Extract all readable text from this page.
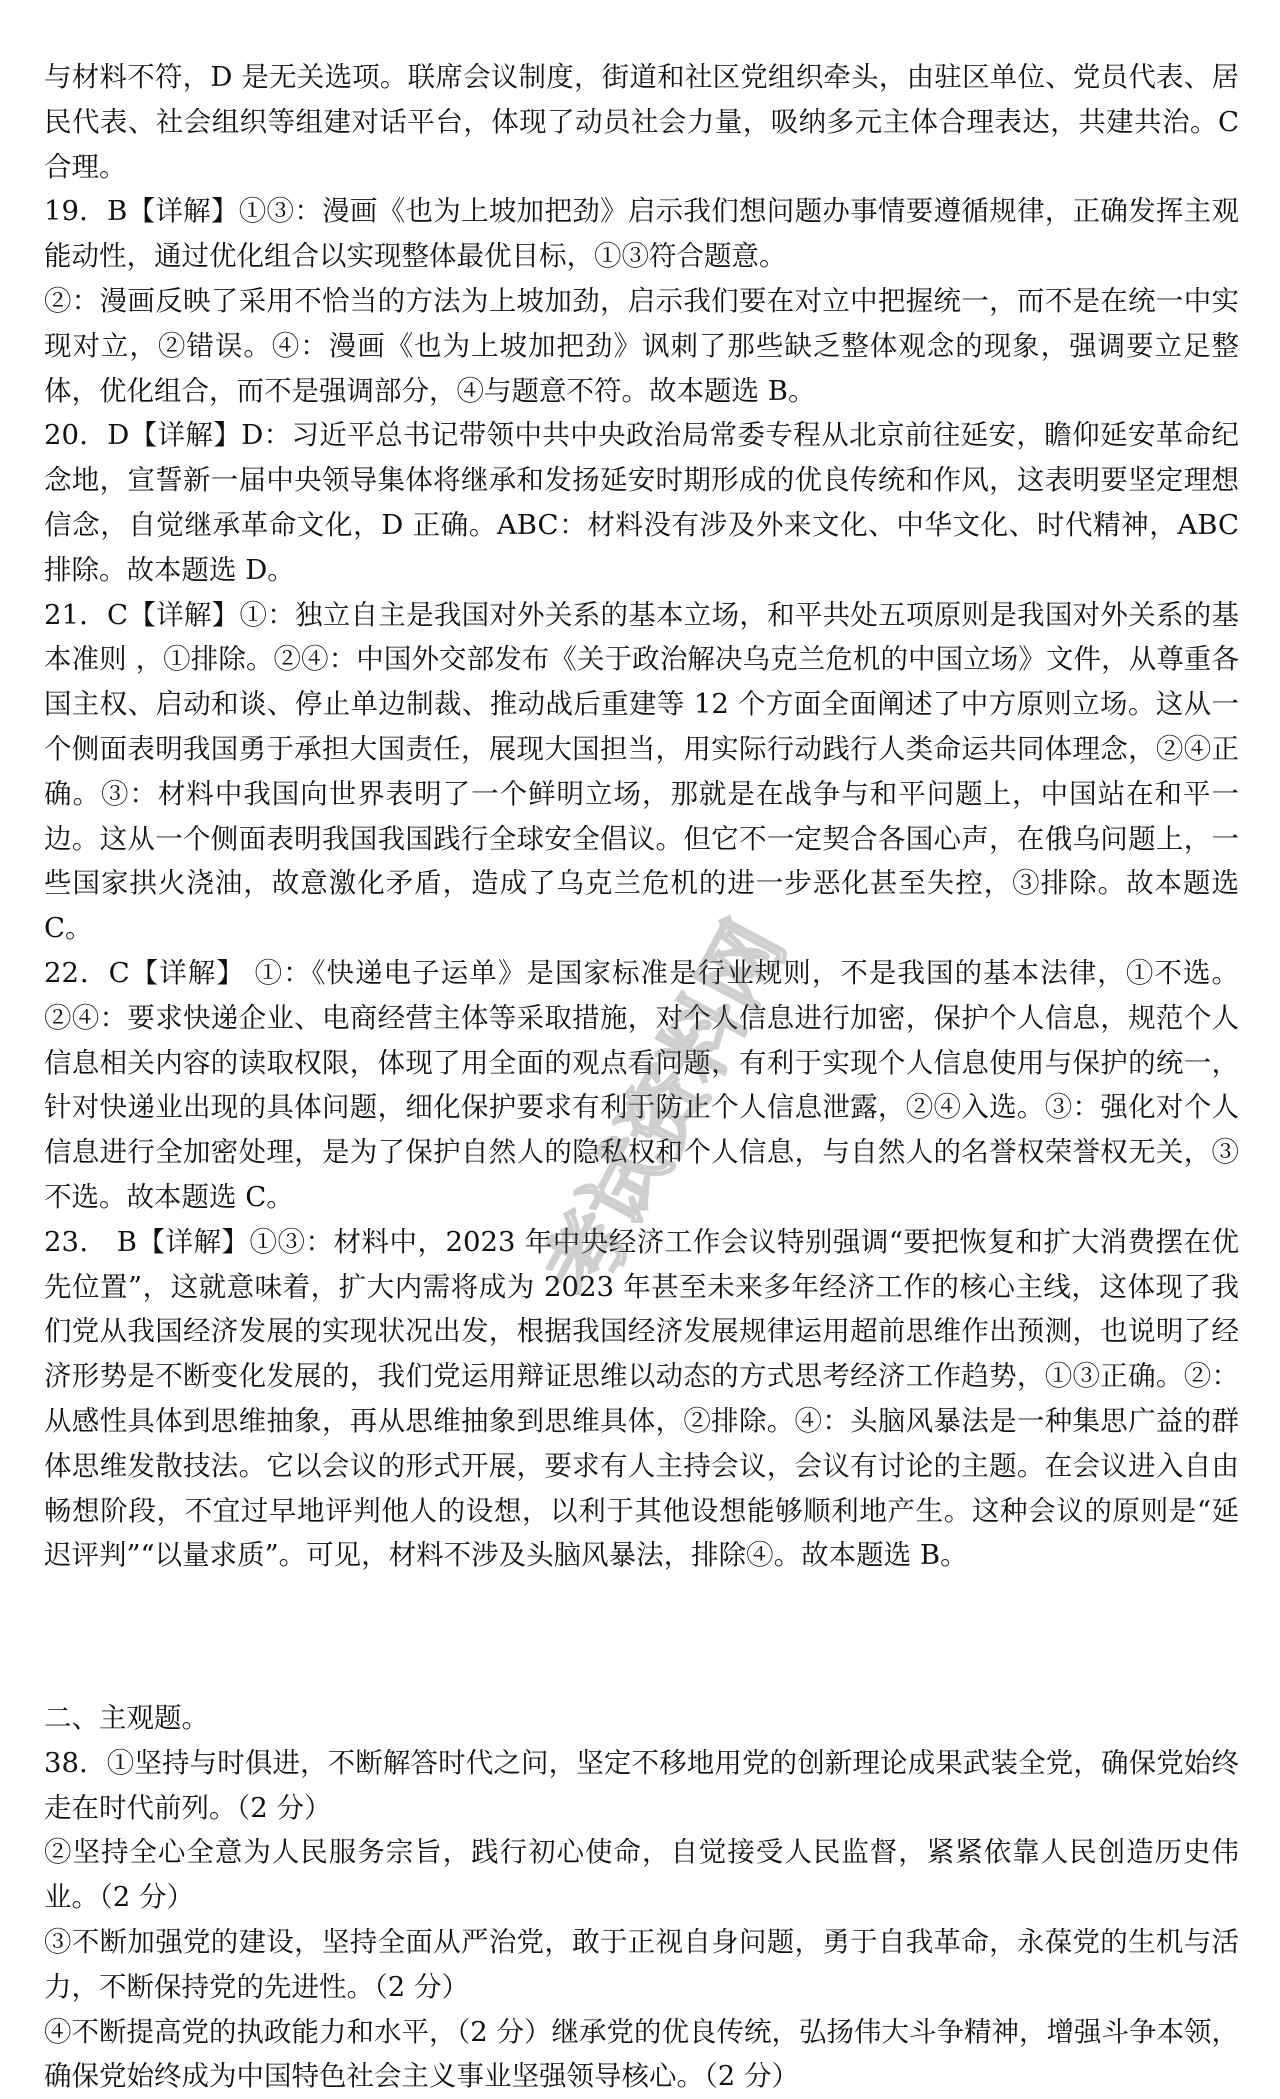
与材料不符，D 是无关选项。联席会议制度，街道和社区党组织牵头，由驻区单位、党员代表、居民代表、社会组织等组建对话平台，体现了动员社会力量，吸纳多元主体合理表达，共建共治。C 合理。

19．B【详解】①③：漫画《也为上坡加把劲》启示我们想问题办事情要遵循规律，正确发挥主观能动性，通过优化组合以实现整体最优目标，①③符合题意。

②：漫画反映了采用不恰当的方法为上坡加劲，启示我们要在对立中把握统一，而不是在统一中实现对立，②错误。④：漫画《也为上坡加把劲》讽刺了那些缺乏整体观念的现象，强调要立足整体，优化组合，而不是强调部分，④与题意不符。故本题选 B。

20．D【详解】D：习近平总书记带领中共中央政治局常委专程从北京前往延安，瞻仰延安革命纪念地，宣誓新一届中央领导集体将继承和发扬延安时期形成的优良传统和作风，这表明要坚定理想信念，自觉继承革命文化，D 正确。ABC：材料没有涉及外来文化、中华文化、时代精神，ABC 排除。故本题选 D。

21．C【详解】①：独立自主是我国对外关系的基本立场，和平共处五项原则是我国对外关系的基本准则 ，①排除。②④：中国外交部发布《关于政治解决乌克兰危机的中国立场》文件，从尊重各国主权、启动和谈、停止单边制裁、推动战后重建等 12 个方面全面阐述了中方原则立场。这从一个侧面表明我国勇于承担大国责任，展现大国担当，用实际行动践行人类命运共同体理念，②④正确。③：材料中我国向世界表明了一个鲜明立场，那就是在战争与和平问题上，中国站在和平一边。这从一个侧面表明我国我国践行全球安全倡议。但它不一定契合各国心声，在俄乌问题上，一些国家拱火浇油，故意激化矛盾，造成了乌克兰危机的进一步恶化甚至失控，③排除。故本题选 C。

22．C【详解】 ①：《快递电子运单》是国家标准是行业规则，不是我国的基本法律，①不选。②④：要求快递企业、电商经营主体等采取措施，对个人信息进行加密，保护个人信息，规范个人信息相关内容的读取权限，体现了用全面的观点看问题，有利于实现个人信息使用与保护的统一，针对快递业出现的具体问题，细化保护要求有利于防止个人信息泄露，②④入选。③：强化对个人信息进行全加密处理，是为了保护自然人的隐私权和个人信息，与自然人的名誉权荣誉权无关，③不选。故本题选 C。

23． B【详解】①③：材料中，2023 年中央经济工作会议特别强调“要把恢复和扩大消费摆在优先位置”，这就意味着，扩大内需将成为 2023 年甚至未来多年经济工作的核心主线，这体现了我们党从我国经济发展的实现状况出发，根据我国经济发展规律运用超前思维作出预测，也说明了经济形势是不断变化发展的，我们党运用辩证思维以动态的方式思考经济工作趋势，①③正确。②：从感性具体到思维抽象，再从思维抽象到思维具体，②排除。④：头脑风暴法是一种集思广益的群体思维发散技法。它以会议的形式开展，要求有人主持会议，会议有讨论的主题。在会议进入自由畅想阶段，不宜过早地评判他人的设想，以利于其他设想能够顺利地产生。这种会议的原则是“延迟评判”“以量求质”。可见，材料不涉及头脑风暴法，排除④。故本题选 B。

二、主观题。

38．①坚持与时俱进，不断解答时代之问，坚定不移地用党的创新理论成果武装全党，确保党始终走在时代前列。（2 分）

②坚持全心全意为人民服务宗旨，践行初心使命，自觉接受人民监督，紧紧依靠人民创造历史伟业。（2 分）

③不断加强党的建设，坚持全面从严治党，敢于正视自身问题，勇于自我革命，永葆党的生机与活力，不断保持党的先进性。（2 分）

④不断提高党的执政能力和水平，（2 分）继承党的优良传统，弘扬伟大斗争精神，增强斗争本领，确保党始终成为中国特色社会主义事业坚强领导核心。（2 分）

考试资料网
